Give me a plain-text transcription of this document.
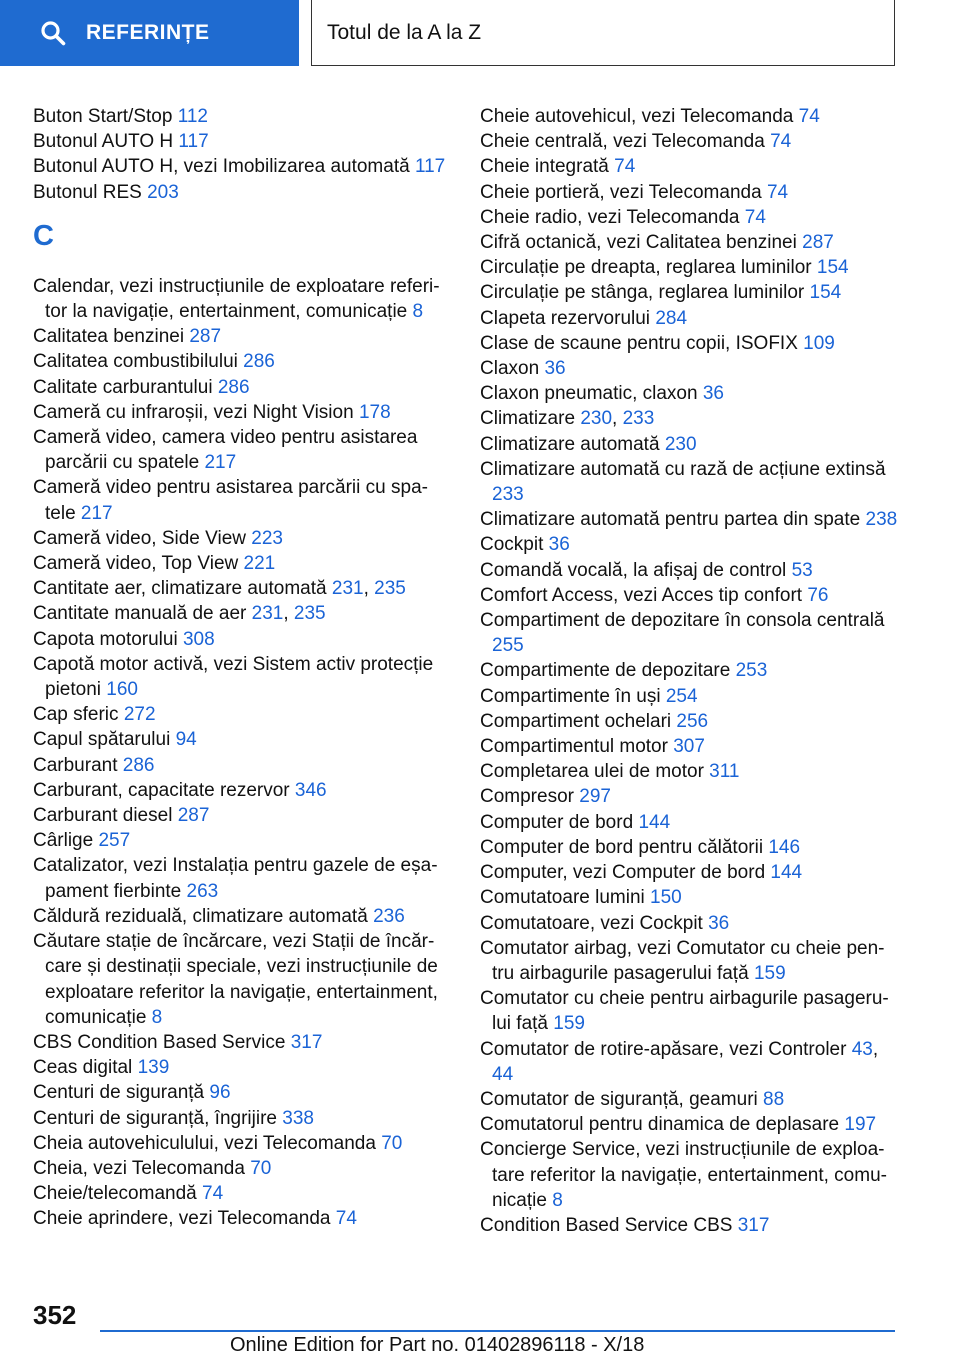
REFERINȚE	Totul de la A la Z
Buton Start/Stop 112
Butonul AUTO H 117
Butonul AUTO H, vezi Imobilizarea automată 117
Butonul RES 203
C
Calendar, vezi instrucțiunile de exploatare referitor la navigație, entertainment, comunicație 8
Calitatea benzinei 287
Calitatea combustibilului 286
Calitate carburantului 286
Cameră cu infraroșii, vezi Night Vision 178
Cameră video, camera video pentru asistarea parcării cu spatele 217
Cameră video pentru asistarea parcării cu spatele 217
Cameră video, Side View 223
Cameră video, Top View 221
Cantitate aer, climatizare automată 231, 235
Cantitate manuală de aer 231, 235
Capota motorului 308
Capotă motor activă, vezi Sistem activ protecție pietoni 160
Cap sferic 272
Capul spătarului 94
Carburant 286
Carburant, capacitate rezervor 346
Carburant diesel 287
Cârlige 257
Catalizator, vezi Instalația pentru gazele de eșapament fierbinte 263
Căldură reziduală, climatizare automată 236
Căutare stație de încărcare, vezi Stații de încărcare și destinații speciale, vezi instrucțiunile de exploatare referitor la navigație, entertainment, comunicație 8
CBS Condition Based Service 317
Ceas digital 139
Centuri de siguranță 96
Centuri de siguranță, îngrijire 338
Cheia autovehiculului, vezi Telecomanda 70
Cheia, vezi Telecomanda 70
Cheie/telecomandă 74
Cheie aprindere, vezi Telecomanda 74
Cheie autovehicul, vezi Telecomanda 74
Cheie centrală, vezi Telecomanda 74
Cheie integrată 74
Cheie portieră, vezi Telecomanda 74
Cheie radio, vezi Telecomanda 74
Cifră octanică, vezi Calitatea benzinei 287
Circulație pe dreapta, reglarea luminilor 154
Circulație pe stânga, reglarea luminilor 154
Clapeta rezervorului 284
Clase de scaune pentru copii, ISOFIX 109
Claxon 36
Claxon pneumatic, claxon 36
Climatizare 230, 233
Climatizare automată 230
Climatizare automată cu rază de acțiune extinsă 233
Climatizare automată pentru partea din spate 238
Cockpit 36
Comandă vocală, la afișaj de control 53
Comfort Access, vezi Acces tip confort 76
Compartiment de depozitare în consola centrală 255
Compartimente de depozitare 253
Compartimente în uși 254
Compartiment ochelari 256
Compartimentul motor 307
Completarea ulei de motor 311
Compresor 297
Computer de bord 144
Computer de bord pentru călătorii 146
Computer, vezi Computer de bord 144
Comutatoare lumini 150
Comutatoare, vezi Cockpit 36
Comutator airbag, vezi Comutator cu cheie pentru airbagurile pasagerului față 159
Comutator cu cheie pentru airbagurile pasagerului față 159
Comutator de rotire-apăsare, vezi Controler 43, 44
Comutator de siguranță, geamuri 88
Comutatorul pentru dinamica de deplasare 197
Concierge Service, vezi instrucțiunile de exploatare referitor la navigație, entertainment, comunicație 8
Condition Based Service CBS 317
352
Online Edition for Part no. 01402896118 - X/18
